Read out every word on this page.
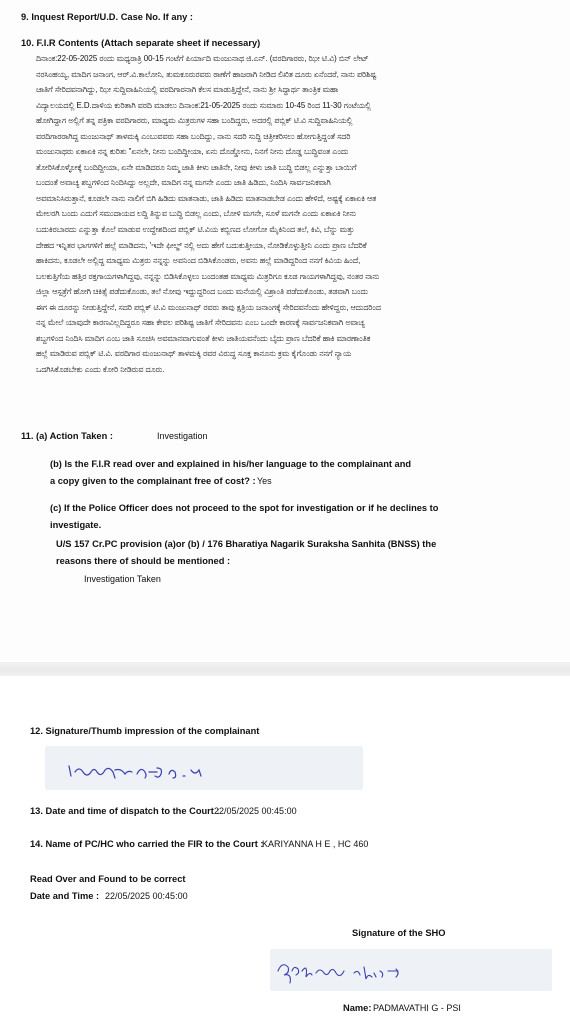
9. Inquest Report/U.D. Case No. If any :
10. F.I.R Contents (Attach separate sheet if necessary)
ದಿನಾಂಕ:22-05-2025 ರಂದು ಮಧ್ಯರಾತ್ರಿ 00-15 ಗಂಟೆಗೆ ಪಿರ್ಯಾದಿ ಮಂಜುನಾಥ ಜಿ.ಎನ್. (ವರದಿಗಾರರು, ಝೀ ಟಿ.ವಿ) ಬಿನ್ ಲೇಟ್
ನರಸಿಂಹಯ್ಯ, ಮಾದಿಗ ಜನಾಂಗ, ಆರ್.ವಿ.ಕಾಲೋನಿ, ತುಮಕೂರುರವರು ಠಾಣೆಗೆ ಹಾಜರಾಗಿ ನೀಡಿದ ಲಿಖಿತ ದೂರು ಏನೆಂದರೆ, ನಾನು ಪರಿಶಿಷ್ಟ
ಜಾತಿಗೆ ಸೇರಿದವನಾಗಿದ್ದು, ಝೀ ಸುದ್ದಿವಾಹಿನಿಯಲ್ಲಿ ವರದಿಗಾರನಾಗಿ ಕೆಲಸ ಮಾಡುತ್ತಿದ್ದೇನೆ, ನಾನು ಶ್ರೀ ಸಿದ್ಧಾರ್ಥ ತಾಂತ್ರಿಕ ಮಹಾ
ವಿದ್ಯಾಲಯದಲ್ಲಿ E.D.ದಾಳಿಯ ಕುರಿತಾಗಿ ವರದಿ ಮಾಡಲು ದಿನಾಂಕ:21-05-2025 ರಂದು ಸುಮಾರು 10-45 ರಿಂದ 11-30 ಗಂಟೆಯಲ್ಲಿ
ಹೋಗಿದ್ದಾಗ ಅಲ್ಲಿಗೆ ತನ್ನ ಪತ್ರಿಕಾ ವರದಿಗಾರರು, ಮಾಧ್ಯಮ ಮಿತ್ರರುಗಳ ಸಹಾ ಬಂದಿದ್ದರು, ಅದರಲ್ಲಿ ಪಬ್ಲಿಕ್ ಟಿ.ವಿ ಸುದ್ದಿವಾಹಿನಿಯಲ್ಲಿ
ವರದಿಗಾರರಾಗಿದ್ದ ಮಂಜುನಾಥ್ ತಾಳಮಕ್ಕಿ ಎಂಬುವವರು ಸಹಾ ಬಂದಿದ್ದು, ನಾನು ಸದರಿ ಸುದ್ದಿ ಚಿತ್ರೀಕರಿಸಲು ಹೋಗುತ್ತಿದ್ದಂತೆ ಸದರಿ
ಮಂಜುನಾಥರು ಏಕಾಏಕಿ ನನ್ನ ಕುರಿತು "ಏನಲೇ, ನೀನು ಬಂದಿದ್ದೀಯಾ, ಏನು ದೊಡ್ಡೋನು, ನಿನಗೆ ನೀನು ದೊಡ್ಡ ಬುದ್ಧಿವಂತ ಎಂದು
ತೋರಿಸಿಕೊಳ್ಳೋಕ್ಕೆ ಬಂದಿದ್ದೀಯಾ, ಏನೇ ಮಾಡಿದರೂ ನಿಮ್ಮ ಜಾತಿ ಕೀಳು ಜಾತಿನೇ, ನೀವು ಕೀಳು ಜಾತಿ ಬುದ್ಧಿ ಬಿಡಲ್ಲ ಎನ್ನುತ್ತಾ ಬಾಯಿಗೆ
ಬಂದಂತೆ ಅವಾಚ್ಯ ಶಬ್ದಗಳಿಂದ ನಿಂದಿಸಿದ್ದು ಅಲ್ಲದೇ, ಮಾದಿಗ ನನ್ನ ಮಗನೇ ಎಂದು ಜಾತಿ ಹಿಡಿದು, ನಿಂದಿಸಿ ಸಾರ್ವಜನಿಕವಾಗಿ
ಅವಮಾನಿಸಿರುತ್ತಾನೆ, ಕೂಡಲೇ ನಾನು ನಾಲಿಗೆ ಬಿಗಿ ಹಿಡಿದು ಮಾತನಾಡು, ಜಾತಿ ಹಿಡಿದು ಮಾತನಾಡಬೇಡ ಎಂದು ಹೇಳಿದೆ, ಅಷ್ಟಕ್ಕೆ ಏಕಾಏಕಿ ಆತ
ಮೇಲರಗಿ ಬಂದು ಎದುಗೆ ಸಮುದಾಯದ ಲದ್ದಿ ತಿನ್ನುವ ಬುದ್ಧಿ ಬಿಡಲ್ಲ ಎಂದು, ಬೋಳಿ ಮಗನೇ, ಸೂಳೆ ಮಗನೇ ಎಂದು ಏಕಾಏಕಿ ನೀನು
ಬದುಕಿರಬಾರದು ಎನ್ನುತ್ತಾ ಕೊಲೆ ಮಾಡುವ ಉದ್ದೇಶದಿಂದ ಪಬ್ಲಿಕ್ ಟಿ.ವಿಯ ಕಬ್ಬಿಣದ ಲೋಗೋ ಮೈಕಿನಿಂದ ತಲೆ, ಕಿವಿ, ಬೆನ್ನು ಮತ್ತು
ದೇಹದ ಇನ್ನಿತರ ಭಾಗಗಳಿಗೆ ಹಲ್ಲೆ ಮಾಡಿದನು, 'ಇದೇ ಫೀಲ್ಡ್ ನಲ್ಲಿ ಅದು ಹೇಗೆ ಬದುಕುತ್ತೀಯಾ, ನೋಡಿಕೊಳ್ಳುತ್ತೀನಿ ಎಂದು ಪ್ರಾಣ ಬೆದರಿಕೆ
ಹಾಕಿದನು, ಕೂಡಲೇ ಅಲ್ಲಿದ್ದ ಮಾಧ್ಯಮ ಮಿತ್ರರು ನನ್ನನ್ನು ಅವನಿಂದ ಬಿಡಿಸಿಕೊಂಡರು, ಅವನು ಹಲ್ಲೆ ಮಾಡಿದ್ದರಿಂದ ನನಗೆ ಕಿವಿಯ ಹಿಂದೆ,
ಬಲಕುತ್ತಿಗೆಯ ಹತ್ತಿರ ರಕ್ತಗಾಯಗಳಾಗಿದ್ದವು, ನನ್ನನ್ನು ಬಿಡಿಸಿಕೊಳ್ಳಲು ಬಂದಂತಹ ಮಾಧ್ಯಮ ಮಿತ್ರರಿಗೂ ಕೂಡ ಗಾಯಗಳಾಗಿದ್ದವು, ನಂತರ ನಾನು
ಜಿಲ್ಲಾ ಆಸ್ಪತ್ರೆಗೆ ಹೋಗಿ ಚಿಕಿತ್ಸೆ ಪಡೆದುಕೊಂಡು, ತಲೆ ನೋವು ಇದ್ದುದ್ದರಿಂದ ಬಂದು ಮನೆಯಲ್ಲಿ ವಿಶ್ರಾಂತಿ ಪಡೆದುಕೊಂಡು, ತಡವಾಗಿ ಬಂದು
ಈಗ ಈ ದೂರನ್ನು ನೀಡುತ್ತಿದ್ದೇನೆ, ಸದರಿ ಪಬ್ಲಿಕ್ ಟಿ.ವಿ ಮಂಜುನಾಥ್ ರವರು ತಾವು ಕ್ಷತ್ರಿಯ ಜನಾಂಗಕ್ಕೆ ಸೇರಿದವನೆಂದು ಹೇಳಿದ್ದರು, ಆದುದರಿಂದ
ನನ್ನ ಮೇಲೆ ಯಾವುದೇ ಕಾರಣವಿಲ್ಲದಿದ್ದರೂ ಸಹಾ ಕೇವಲ ಪರಿಶಿಷ್ಟ ಜಾತಿಗೆ ಸೇರಿದವನು ಎಂಬ ಒಂದೇ ಕಾರಣಕ್ಕೆ ಸಾರ್ವಜನಿಕವಾಗಿ ಅವಾಚ್ಯ
ಶಬ್ದಗಳಿಂದ ನಿಂದಿಸಿ ಮಾದಿಗ ಎಂಬ ಜಾತಿ ಸೂಚಿಸಿ ಅವಮಾನವಾಗುವಂತೆ ಕೀಳು ಜಾತಿಯವನೆಂದು ಬೈದು ಪ್ರಾಣ ಬೆದರಿಕೆ ಹಾಕಿ ಮಾರಣಾಂತಿಕ
ಹಲ್ಲೆ ಮಾಡಿರುವ ಪಬ್ಲಿಕ್ ಟಿ.ವಿ. ವರದಿಗಾರ ಮಂಜುನಾಥ್ ತಾಳಮಕ್ಕಿ ರವರ ವಿರುದ್ಧ ಸೂಕ್ತ ಕಾನೂನು ಕ್ರಮ ಕೈಗೊಂಡು ನನಗೆ ನ್ಯಾಯ
ಒದಗಿಸಿಕೊಡಬೇಕು ಎಂದು ಕೋರಿ ನೀಡಿರುವ ದೂರು.
11. (a) Action Taken :	Investigation
(b) Is the F.I.R read over and explained in his/her language to the complainant and
a copy given to the complainant free of cost? : Yes
(c) If the Police Officer does not proceed to the spot for investigation or if he declines to
investigate.
U/S 157 Cr.PC provision (a)or (b) / 176 Bharatiya Nagarik Suraksha Sanhita (BNSS) the
reasons there of should be mentioned :
Investigation Taken
12. Signature/Thumb impression of the complainant
13. Date and time of dispatch to the Court :
22/05/2025 00:45:00
14. Name of PC/HC who carried the FIR to the Court :
KARIYANNA H E , HC 460
Read Over and Found to be correct
Date and Time : 22/05/2025 00:45:00
Signature of the SHO
Name: PADMAVATHI G - PSI
